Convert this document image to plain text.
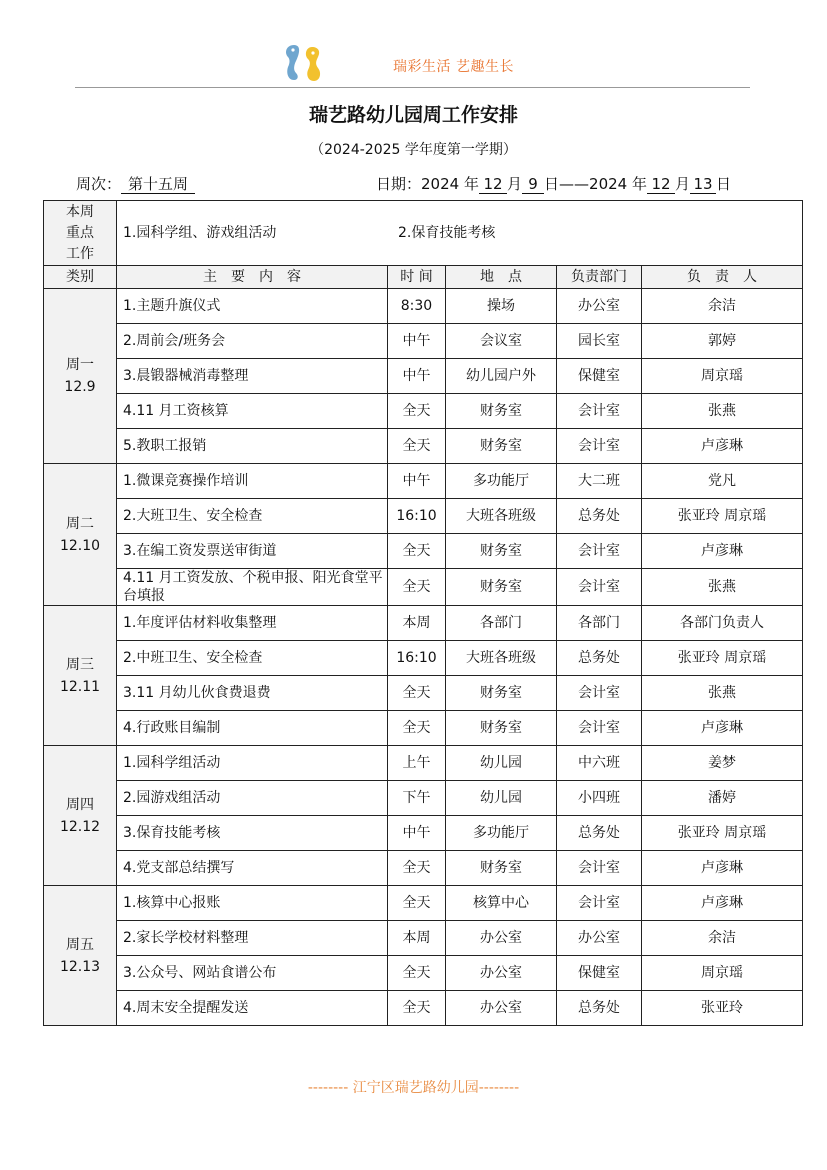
瑞彩生活 艺趣生长
瑞艺路幼儿园周工作安排
（2024-2025 学年度第一学期）
周次： 第十五周	日期：2024 年 12 月 9 日——2024 年 12 月 13 日
本周
重点
工作	1.园科学组、游戏组活动 2.保育技能考核				
类别	主　要　内　容	时 间	地　点	负责部门	负　责　人
周一
12.9	1.主题升旗仪式	8:30	操场	办公室	余洁
	2.周前会/班务会	中午	会议室	园长室	郭婷
	3.晨锻器械消毒整理	中午	幼儿园户外	保健室	周京瑶
	4.11 月工资核算	全天	财务室	会计室	张燕
	5.教职工报销	全天	财务室	会计室	卢彦琳
周二
12.10	1.微课竞赛操作培训	中午	多功能厅	大二班	党凡
	2.大班卫生、安全检查	16:10	大班各班级	总务处	张亚玲 周京瑶
	3.在编工资发票送审街道	全天	财务室	会计室	卢彦琳
	4.11 月工资发放、个税申报、阳光食堂平台填报	全天	财务室	会计室	张燕
周三
12.11	1.年度评估材料收集整理	本周	各部门	各部门	各部门负责人
	2.中班卫生、安全检查	16:10	大班各班级	总务处	张亚玲 周京瑶
	3.11 月幼儿伙食费退费	全天	财务室	会计室	张燕
	4.行政账目编制	全天	财务室	会计室	卢彦琳
周四
12.12	1.园科学组活动	上午	幼儿园	中六班	姜梦
	2.园游戏组活动	下午	幼儿园	小四班	潘婷
	3.保育技能考核	中午	多功能厅	总务处	张亚玲 周京瑶
	4.党支部总结撰写	全天	财务室	会计室	卢彦琳
周五
12.13	1.核算中心报账	全天	核算中心	会计室	卢彦琳
	2.家长学校材料整理	本周	办公室	办公室	余洁
	3.公众号、网站食谱公布	全天	办公室	保健室	周京瑶
	4.周末安全提醒发送	全天	办公室	总务处	张亚玲
-------- 江宁区瑞艺路幼儿园--------
